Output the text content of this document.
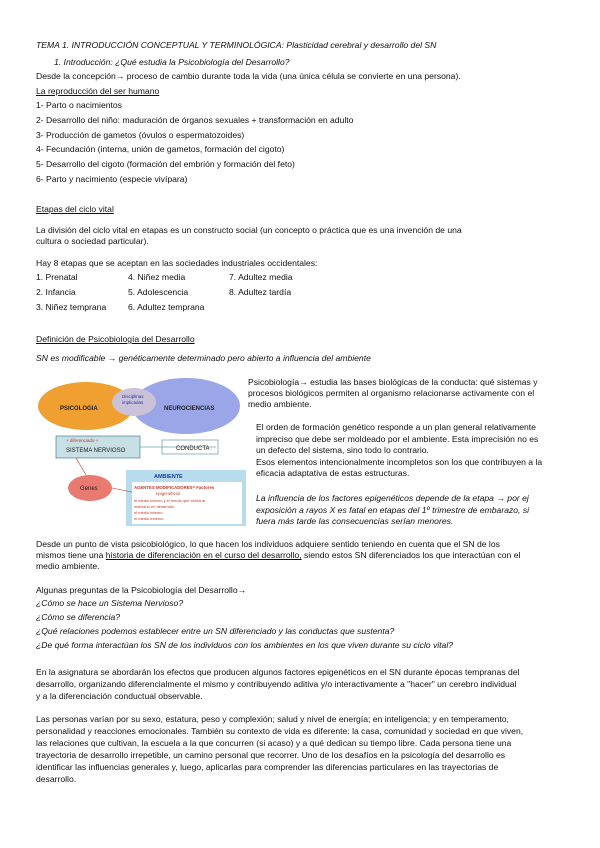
TEMA 1. INTRODUCCIÓN CONCEPTUAL Y TERMINOLÓGICA: Plasticidad cerebral y desarrollo del SN
1. Introducción: ¿Qué estudia la Psicobiología del Desarrollo?
Desde la concepción→ proceso de cambio durante toda la vida (una única célula se convierte en una persona).
La reproducción del ser humano
1- Parto o nacimientos
2- Desarrollo del niño: maduración de órganos sexuales + transformación en adulto
3- Producción de gametos (óvulos o espermatozoides)
4- Fecundación (interna, unión de gametos, formación del cigoto)
5- Desarrollo del cigoto (formación del embrión y formación del feto)
6- Parto y nacimiento (especie vivípara)
Etapas del ciclo vital
La división del ciclo vital en etapas es un constructo social (un concepto o práctica que es una invención de una
cultura o sociedad particular).
Hay 8 etapas que se aceptan en las sociedades industriales occidentales:
1. Prenatal
2. Infancia
3. Niñez temprana
4. Niñez media
5. Adolescencia
6. Adultez temprana
7. Adultez media
8. Adultez tardía
Definición de Psicobiología del Desarrollo
SN es modificable → genéticamente determinado pero abierto a influencia del ambiente
PSICOLOGIA	NEUROCIENCIAS
Disciplinas
implicadas
+ diferenciado +
SISTEMA NERVIOSO	CONDUCTA
AMBIENTE
AGENTES MODIFICADORES= Factores
epigenéticos
el medio interno y el medio que rodea al
individuo en desarrollo
el medio interno
el medio externo
Genes
Psicobiología→ estudia las bases biológicas de la conducta: qué sistemas y
procesos biológicos permiten al organismo relacionarse activamente con el
medio ambiente.
El orden de formación genético responde a un plan general relativamente
impreciso que debe ser moldeado por el ambiente. Esta imprecisión no es
un defecto del sistema, sino todo lo contrario.
Esos elementos intencionalmente incompletos son los que contribuyen a la
eficacia adaptativa de estas estructuras.
La influencia de los factores epigenéticos depende de la etapa → por ej
exposición a rayos X es fatal en etapas del 1º trimestre de embarazo, si
fuera más tarde las consecuencias serían menores.
Desde un punto de vista psicobiológico, lo que hacen los individuos adquiere sentido teniendo en cuenta que el SN de los
mismos tiene una historia de diferenciación en el curso del desarrollo, siendo estos SN diferenciados los que interactúan con el
medio ambiente.
Algunas preguntas de la Psicobiología del Desarrollo→
¿Cómo se hace un Sistema Nervioso?
¿Cómo se diferencia?
¿Qué relaciones podemos establecer entre un SN diferenciado y las conductas que sustenta?
¿De qué forma interactúan los SN de los individuos con los ambientes en los que viven durante su ciclo vital?
En la asignatura se abordarán los efectos que producen algunos factores epigenéticos en el SN durante épocas tempranas del
desarrollo, organizando diferencialmente el mismo y contribuyendo aditiva y/o interactivamente a "hacer" un cerebro individual
y a la diferenciación conductual observable.
Las personas varían por su sexo, estatura, peso y complexión; salud y nivel de energía; en inteligencia; y en temperamento,
personalidad y reacciones emocionales. También su contexto de vida es diferente: la casa, comunidad y sociedad en que viven,
las relaciones que cultivan, la escuela a la que concurren (si acaso) y a qué dedican su tiempo libre. Cada persona tiene una
trayectoria de desarrollo irrepetible, un camino personal que recorrer. Uno de los desafíos en la psicología del desarrollo es
identificar las influencias generales y, luego, aplicarlas para comprender las diferencias particulares en las trayectorias de
desarrollo.
